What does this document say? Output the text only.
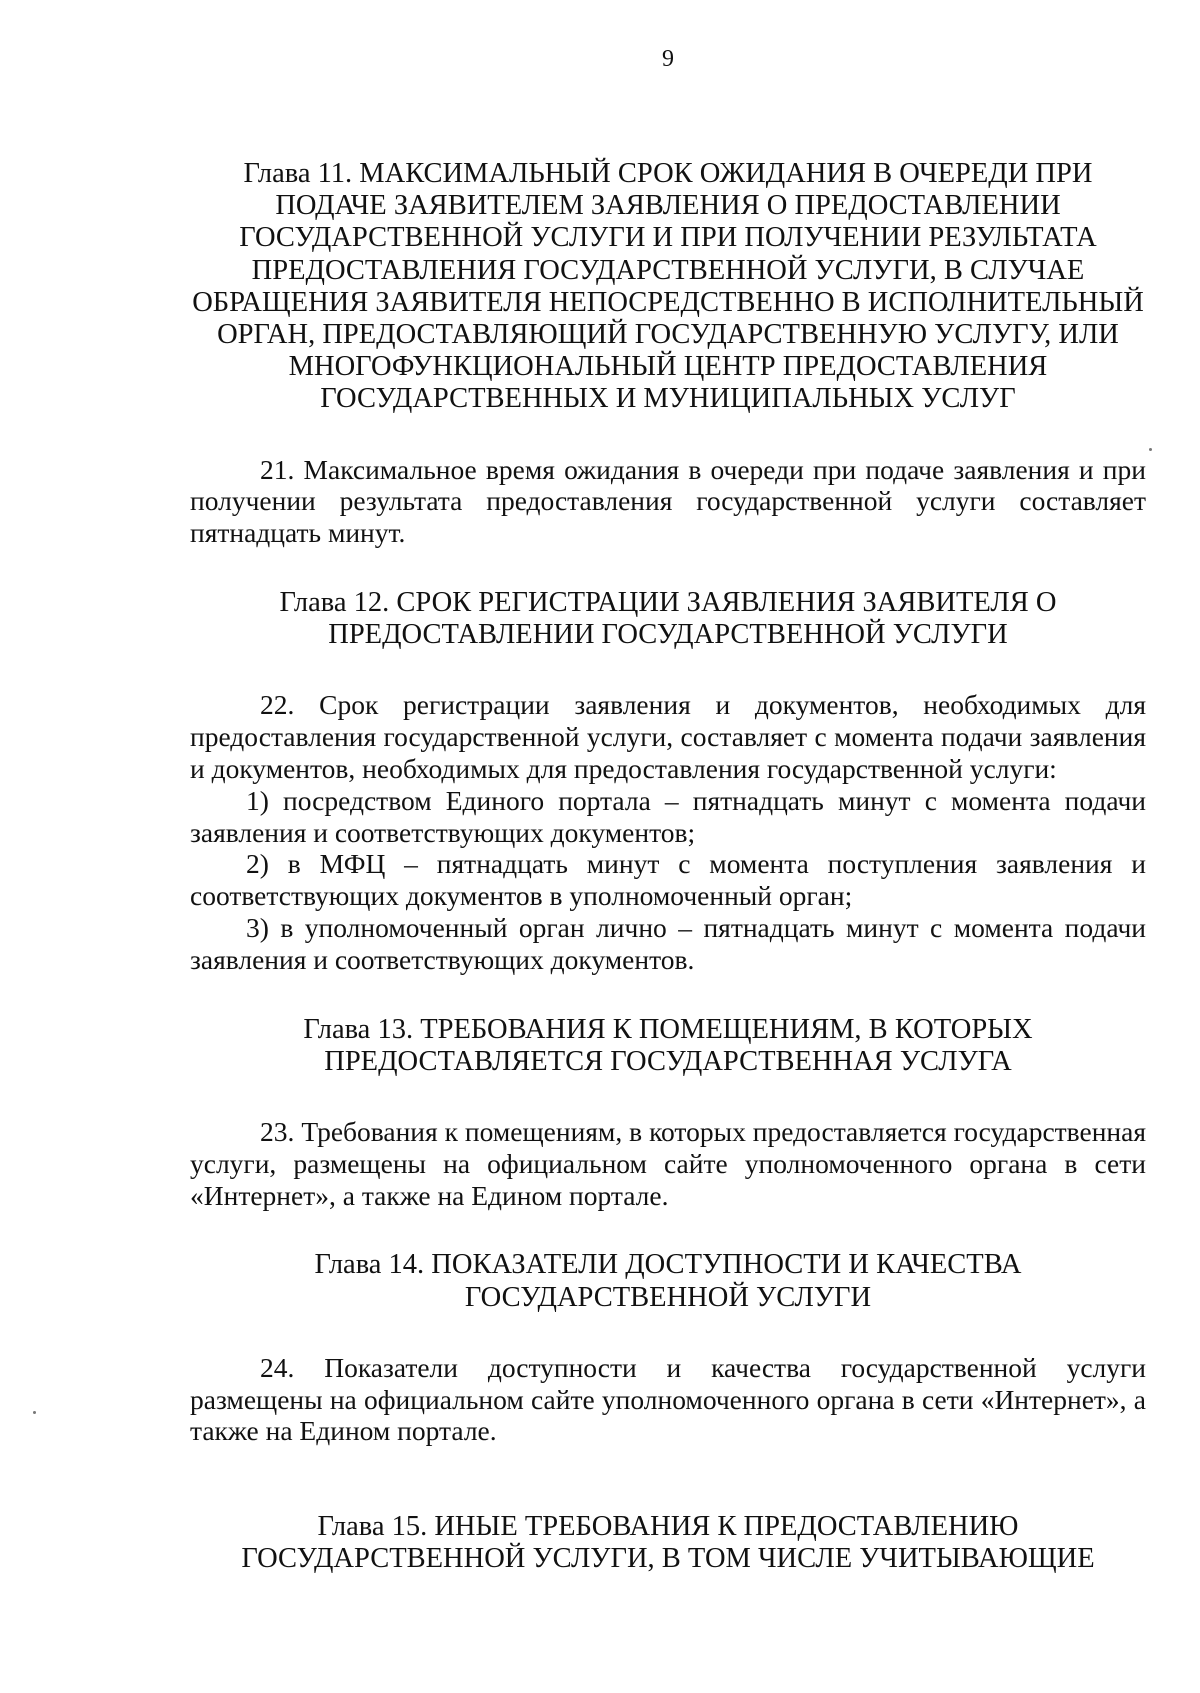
9
Глава 11. МАКСИМАЛЬНЫЙ СРОК ОЖИДАНИЯ В ОЧЕРЕДИ ПРИ
ПОДАЧЕ ЗАЯВИТЕЛЕМ ЗАЯВЛЕНИЯ О ПРЕДОСТАВЛЕНИИ
ГОСУДАРСТВЕННОЙ УСЛУГИ И ПРИ ПОЛУЧЕНИИ РЕЗУЛЬТАТА
ПРЕДОСТАВЛЕНИЯ ГОСУДАРСТВЕННОЙ УСЛУГИ, В СЛУЧАЕ
ОБРАЩЕНИЯ ЗАЯВИТЕЛЯ НЕПОСРЕДСТВЕННО В ИСПОЛНИТЕЛЬНЫЙ
ОРГАН, ПРЕДОСТАВЛЯЮЩИЙ ГОСУДАРСТВЕННУЮ УСЛУГУ, ИЛИ
МНОГОФУНКЦИОНАЛЬНЫЙ ЦЕНТР ПРЕДОСТАВЛЕНИЯ
ГОСУДАРСТВЕННЫХ И МУНИЦИПАЛЬНЫХ УСЛУГ

21. Максимальное время ожидания в очереди при подаче заявления и при получении результата предоставления государственной услуги составляет пятнадцать минут.

Глава 12. СРОК РЕГИСТРАЦИИ ЗАЯВЛЕНИЯ ЗАЯВИТЕЛЯ О
ПРЕДОСТАВЛЕНИИ ГОСУДАРСТВЕННОЙ УСЛУГИ

22. Срок регистрации заявления и документов, необходимых для предоставления государственной услуги, составляет с момента подачи заявления и документов, необходимых для предоставления государственной услуги:

1) посредством Единого портала – пятнадцать минут с момента подачи заявления и соответствующих документов;

2) в МФЦ – пятнадцать минут с момента поступления заявления и соответствующих документов в уполномоченный орган;

3) в уполномоченный орган лично – пятнадцать минут с момента подачи заявления и соответствующих документов.

Глава 13. ТРЕБОВАНИЯ К ПОМЕЩЕНИЯМ, В КОТОРЫХ
ПРЕДОСТАВЛЯЕТСЯ ГОСУДАРСТВЕННАЯ УСЛУГА

23. Требования к помещениям, в которых предоставляется государственная услуги, размещены на официальном сайте уполномоченного органа в сети «Интернет», а также на Едином портале.

Глава 14. ПОКАЗАТЕЛИ ДОСТУПНОСТИ И КАЧЕСТВА
ГОСУДАРСТВЕННОЙ УСЛУГИ

24. Показатели доступности и качества государственной услуги размещены на официальном сайте уполномоченного органа в сети «Интернет», а также на Едином портале.

Глава 15. ИНЫЕ ТРЕБОВАНИЯ К ПРЕДОСТАВЛЕНИЮ
ГОСУДАРСТВЕННОЙ УСЛУГИ, В ТОМ ЧИСЛЕ УЧИТЫВАЮЩИЕ
